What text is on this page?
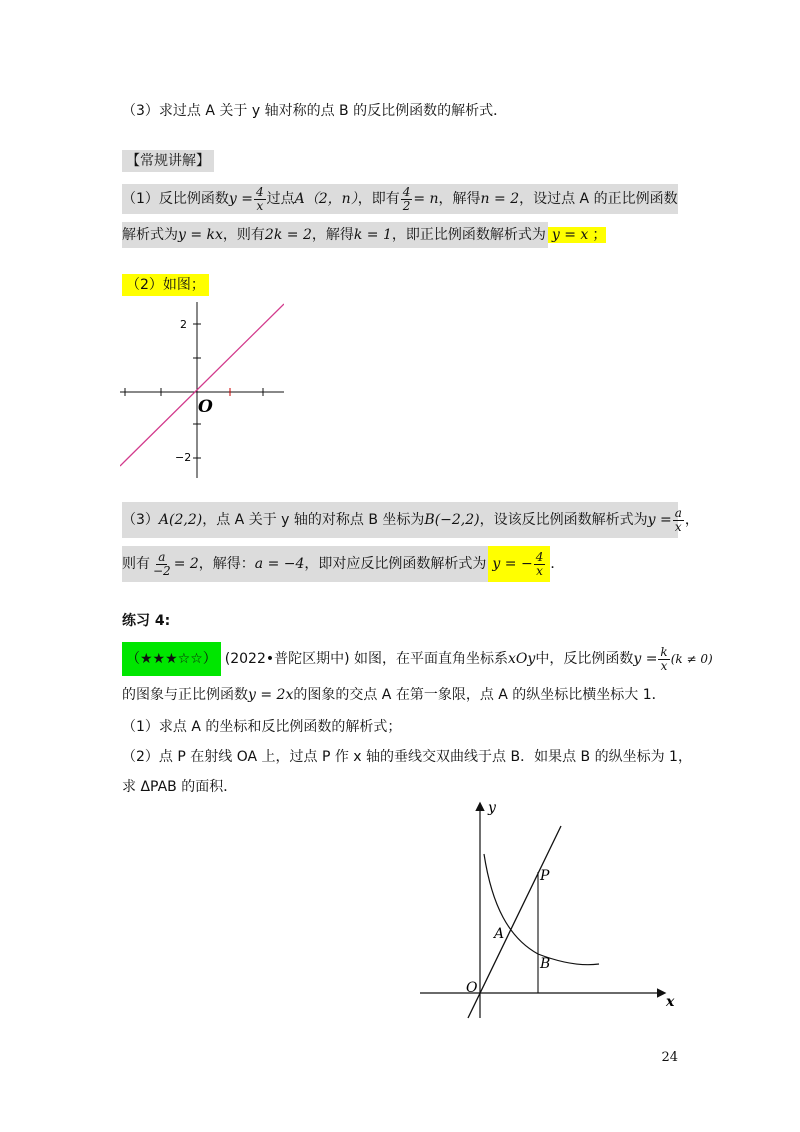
（3）求过点 A 关于 y 轴对称的点 B 的反比例函数的解析式．
【常规讲解】
（1）反比例函数$y = \frac{4}{x}$ 过点A（2，n），即有 $\frac{4}{2} = n$，解得n = 2，设过点 A 的正比例函数
解析式为y = kx，则有2k = 2，解得k = 1，即正比例函数解析式为 y = x ；
（2）如图；
2
−2
O
（3）A(2,2)，点 A 关于 y 轴的对称点 B 坐标为B(−2,2)，设该反比例函数解析式为$y = \frac{a}{x}$ ，
则有 $\frac{a}{-2} = 2$，解得：a = −4，即对应反比例函数解析式为 y = − $\frac{4}{x}$ ．
练习 4:
（★★★☆☆） (2022•普陀区期中) 如图，在平面直角坐标系xOy中，反比例函数$y = \frac{k}{x} (k \ne 0)$
的图象与正比例函数y = 2x的图象的交点 A 在第一象限，点 A 的纵坐标比横坐标大 1．
（1）求点 A 的坐标和反比例函数的解析式；
（2）点 P 在射线 OA 上，过点 P 作 x 轴的垂线交双曲线于点 B．如果点 B 的纵坐标为 1，
求 ΔPAB 的面积．
y
x
O
A
P
B
24
